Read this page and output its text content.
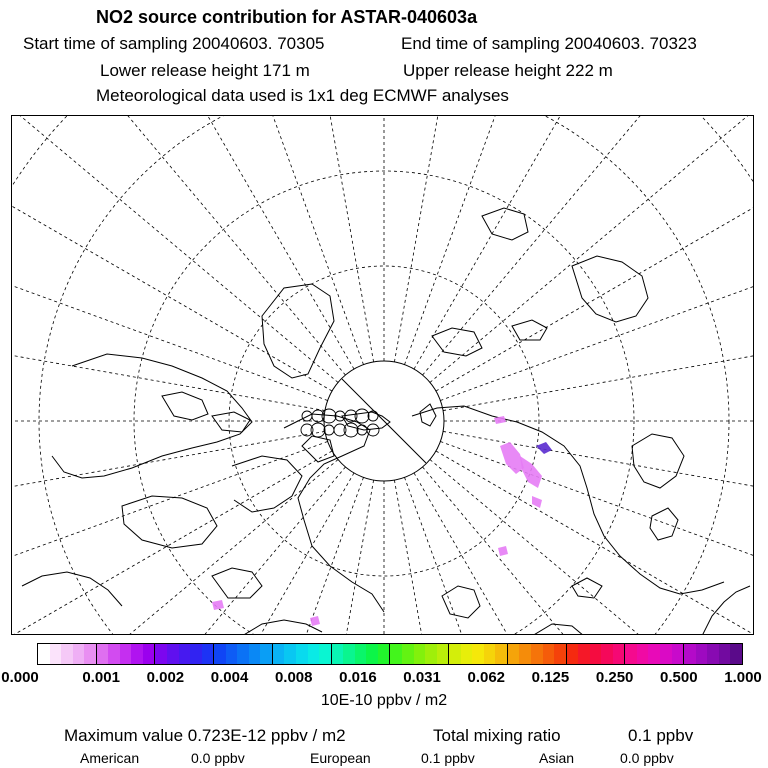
NO2 source contribution for ASTAR-040603a
Start time of sampling 20040603. 70305	End time of sampling 20040603. 70323
Lower release height 171 m	Upper release height 222 m
Meteorological data used is 1x1 deg ECMWF analyses
0.000	0.001 0.002 0.004 0.008 0.016 0.031 0.062 0.125 0.250 0.500 1.000
10E-10 ppbv / m2
Maximum value 0.723E-12 ppbv / m2	Total mixing ratio	0.1 ppbv
American	0.0 ppbv	European	0.1 ppbv	Asian	0.0 ppbv
